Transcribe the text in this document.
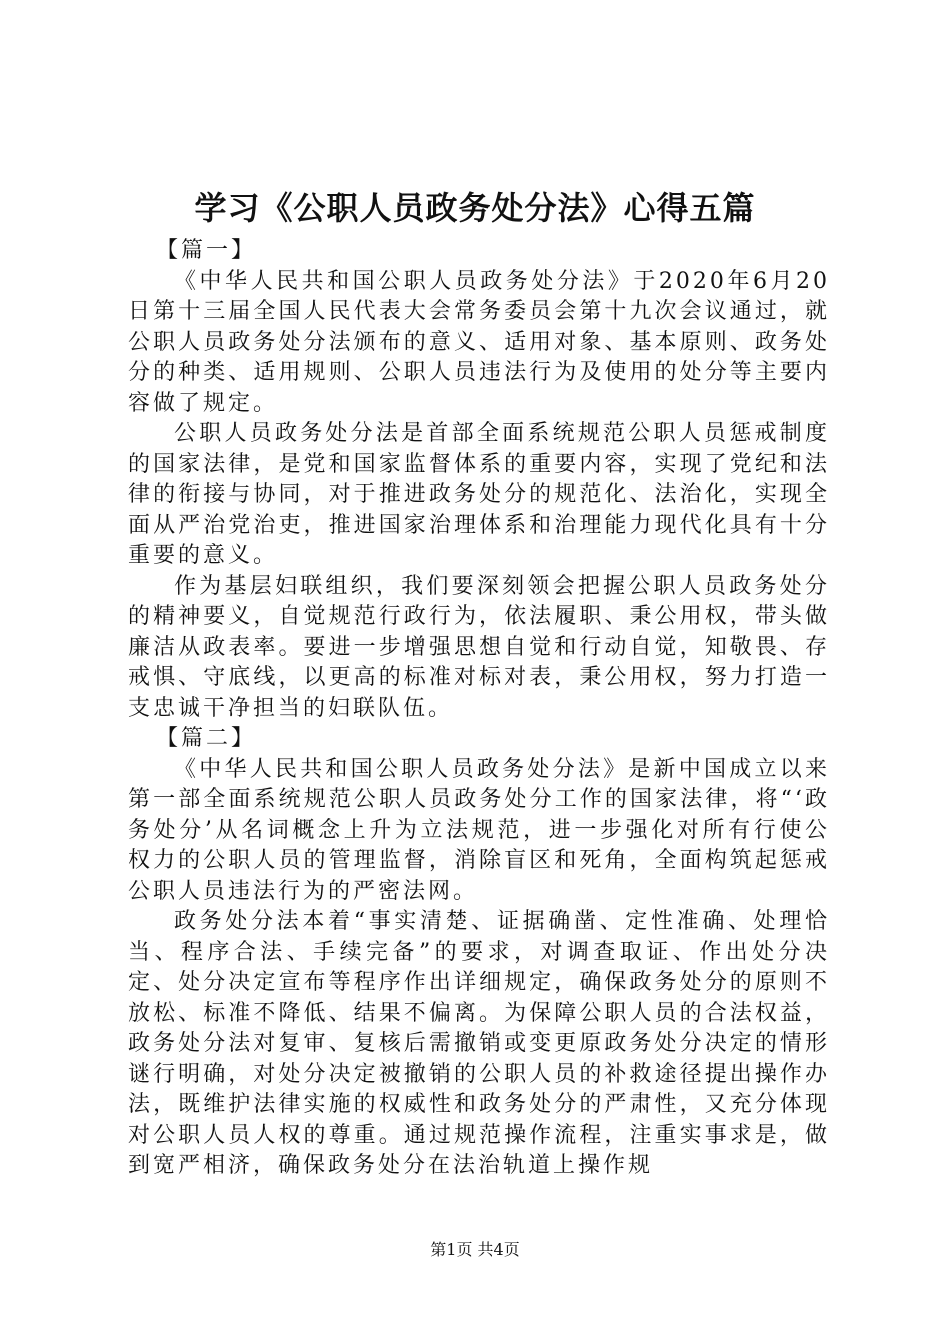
学习《公职人员政务处分法》心得五篇

【篇一】

《中华人民共和国公职人员政务处分法》于2020年6月20日第十三届全国人民代表大会常务委员会第十九次会议通过，就公职人员政务处分法颁布的意义、适用对象、基本原则、政务处分的种类、适用规则、公职人员违法行为及使用的处分等主要内容做了规定。

公职人员政务处分法是首部全面系统规范公职人员惩戒制度的国家法律，是党和国家监督体系的重要内容，实现了党纪和法律的衔接与协同，对于推进政务处分的规范化、法治化，实现全面从严治党治吏，推进国家治理体系和治理能力现代化具有十分重要的意义。

作为基层妇联组织，我们要深刻领会把握公职人员政务处分的精神要义，自觉规范行政行为，依法履职、秉公用权，带头做廉洁从政表率。要进一步增强思想自觉和行动自觉，知敬畏、存戒惧、守底线，以更高的标准对标对表，秉公用权，努力打造一支忠诚干净担当的妇联队伍。

【篇二】

《中华人民共和国公职人员政务处分法》是新中国成立以来第一部全面系统规范公职人员政务处分工作的国家法律，将“‘政务处分’从名词概念上升为立法规范，进一步强化对所有行使公权力的公职人员的管理监督，消除盲区和死角，全面构筑起惩戒公职人员违法行为的严密法网。

政务处分法本着“事实清楚、证据确凿、定性准确、处理恰当、程序合法、手续完备”的要求，对调查取证、作出处分决定、处分决定宣布等程序作出详细规定，确保政务处分的原则不放松、标准不降低、结果不偏离。为保障公职人员的合法权益，政务处分法对复审、复核后需撤销或变更原政务处分决定的情形谜行明确，对处分决定被撤销的公职人员的补救途径提出操作办法，既维护法律实施的权威性和政务处分的严肃性，又充分体现对公职人员人权的尊重。通过规范操作流程，注重实事求是，做到宽严相济，确保政务处分在法治轨道上操作规

第1页 共4页
